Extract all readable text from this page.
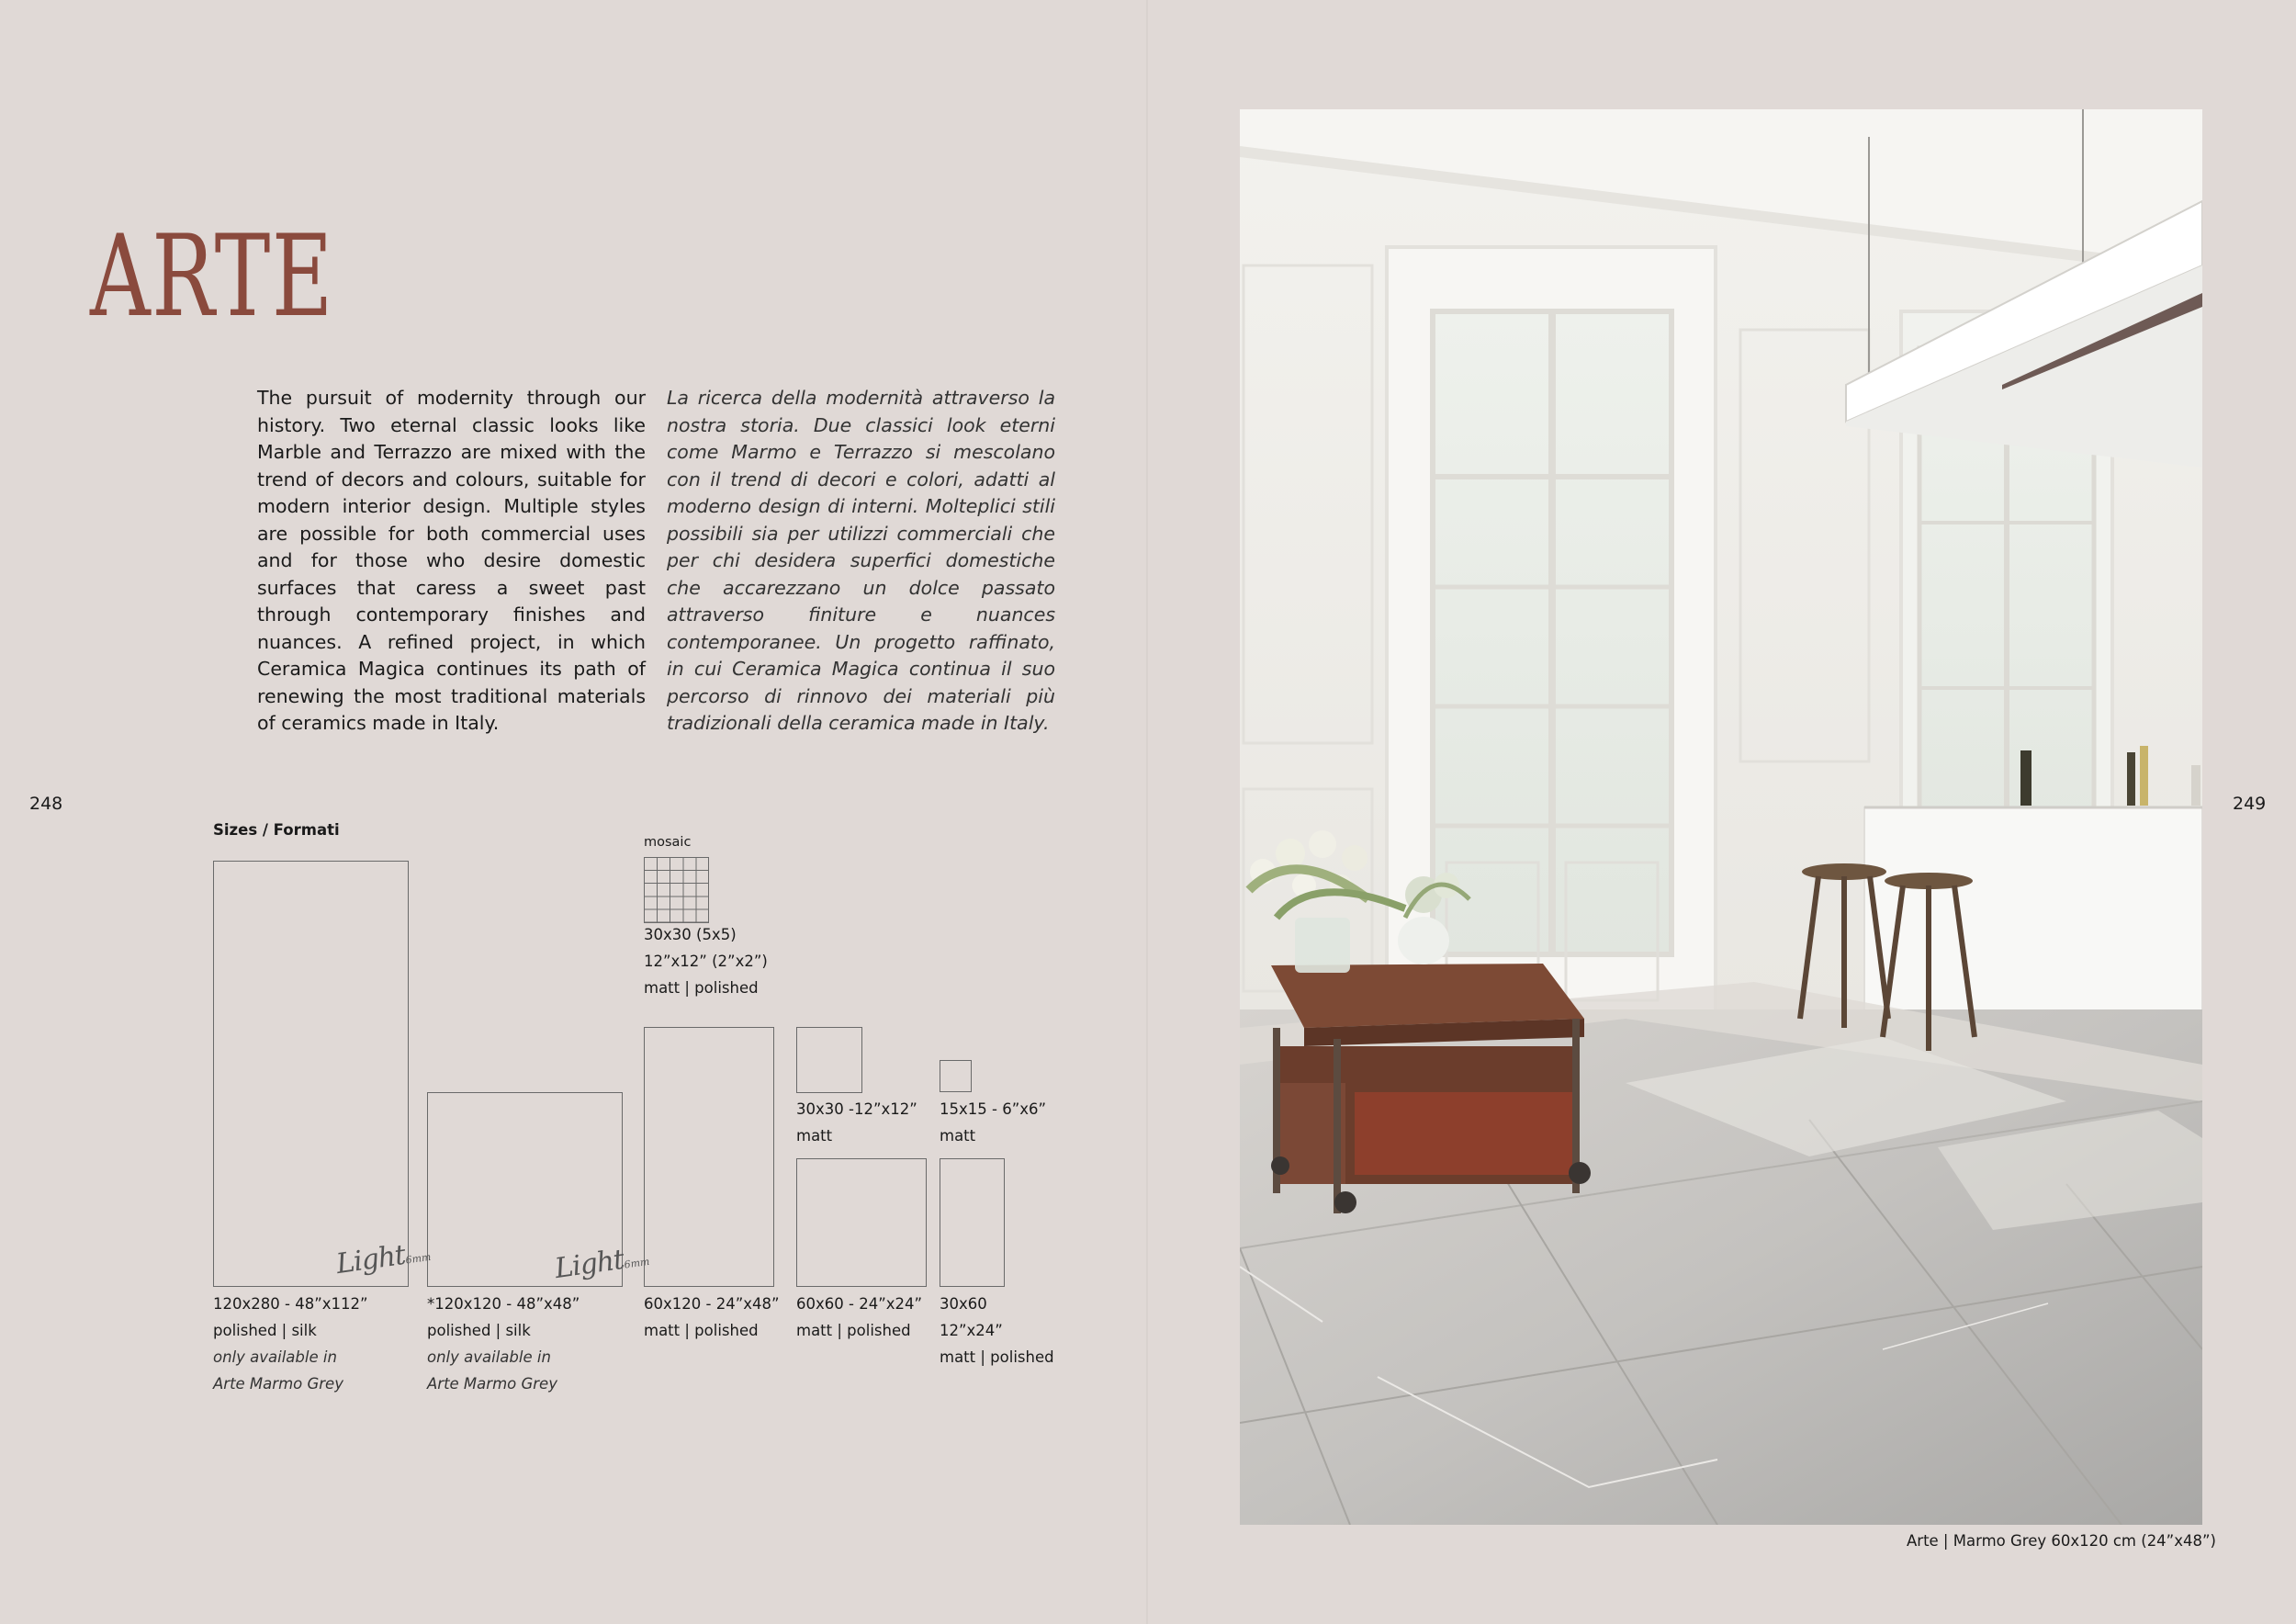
ARTE

The pursuit of modernity through our history. Two eternal classic looks like Marble and Terrazzo are mixed with the trend of decors and colours, suitable for modern interior design. Multiple styles are possible for both commercial uses and for those who desire domestic surfaces that caress a sweet past through contemporary finishes and nuances. A refined project, in which Ceramica Magica continues its path of renewing the most traditional materials of ceramics made in Italy.

La ricerca della modernità attraverso la nostra storia. Due classici look eterni come Marmo e Terrazzo si mescolano con il trend di decori e colori, adatti al moderno design di interni. Molteplici stili possibili sia per utilizzi commerciali che per chi desidera superfici domestiche che accarezzano un dolce passato attraverso finiture e nuances contemporanee. Un progetto raffinato, in cui Ceramica Magica continua il suo percorso di rinnovo dei materiali più tradizionali della ceramica made in Italy.

248	249
Sizes / Formati
mosaic
Light6mm	Light6mm
120x280 - 48”x112”
polished | silk
only available in
Arte Marmo Grey
*120x120 - 48”x48”
polished | silk
only available in
Arte Marmo Grey
60x120 - 24”x48”
matt | polished
60x60 - 24”x24”
matt | polished
30x60
12”x24”
matt | polished
30x30 (5x5)
12”x12” (2”x2”)
matt | polished
30x30 -12”x12”
matt
15x15 - 6”x6”
matt
Arte | Marmo Grey 60x120 cm (24”x48”)
